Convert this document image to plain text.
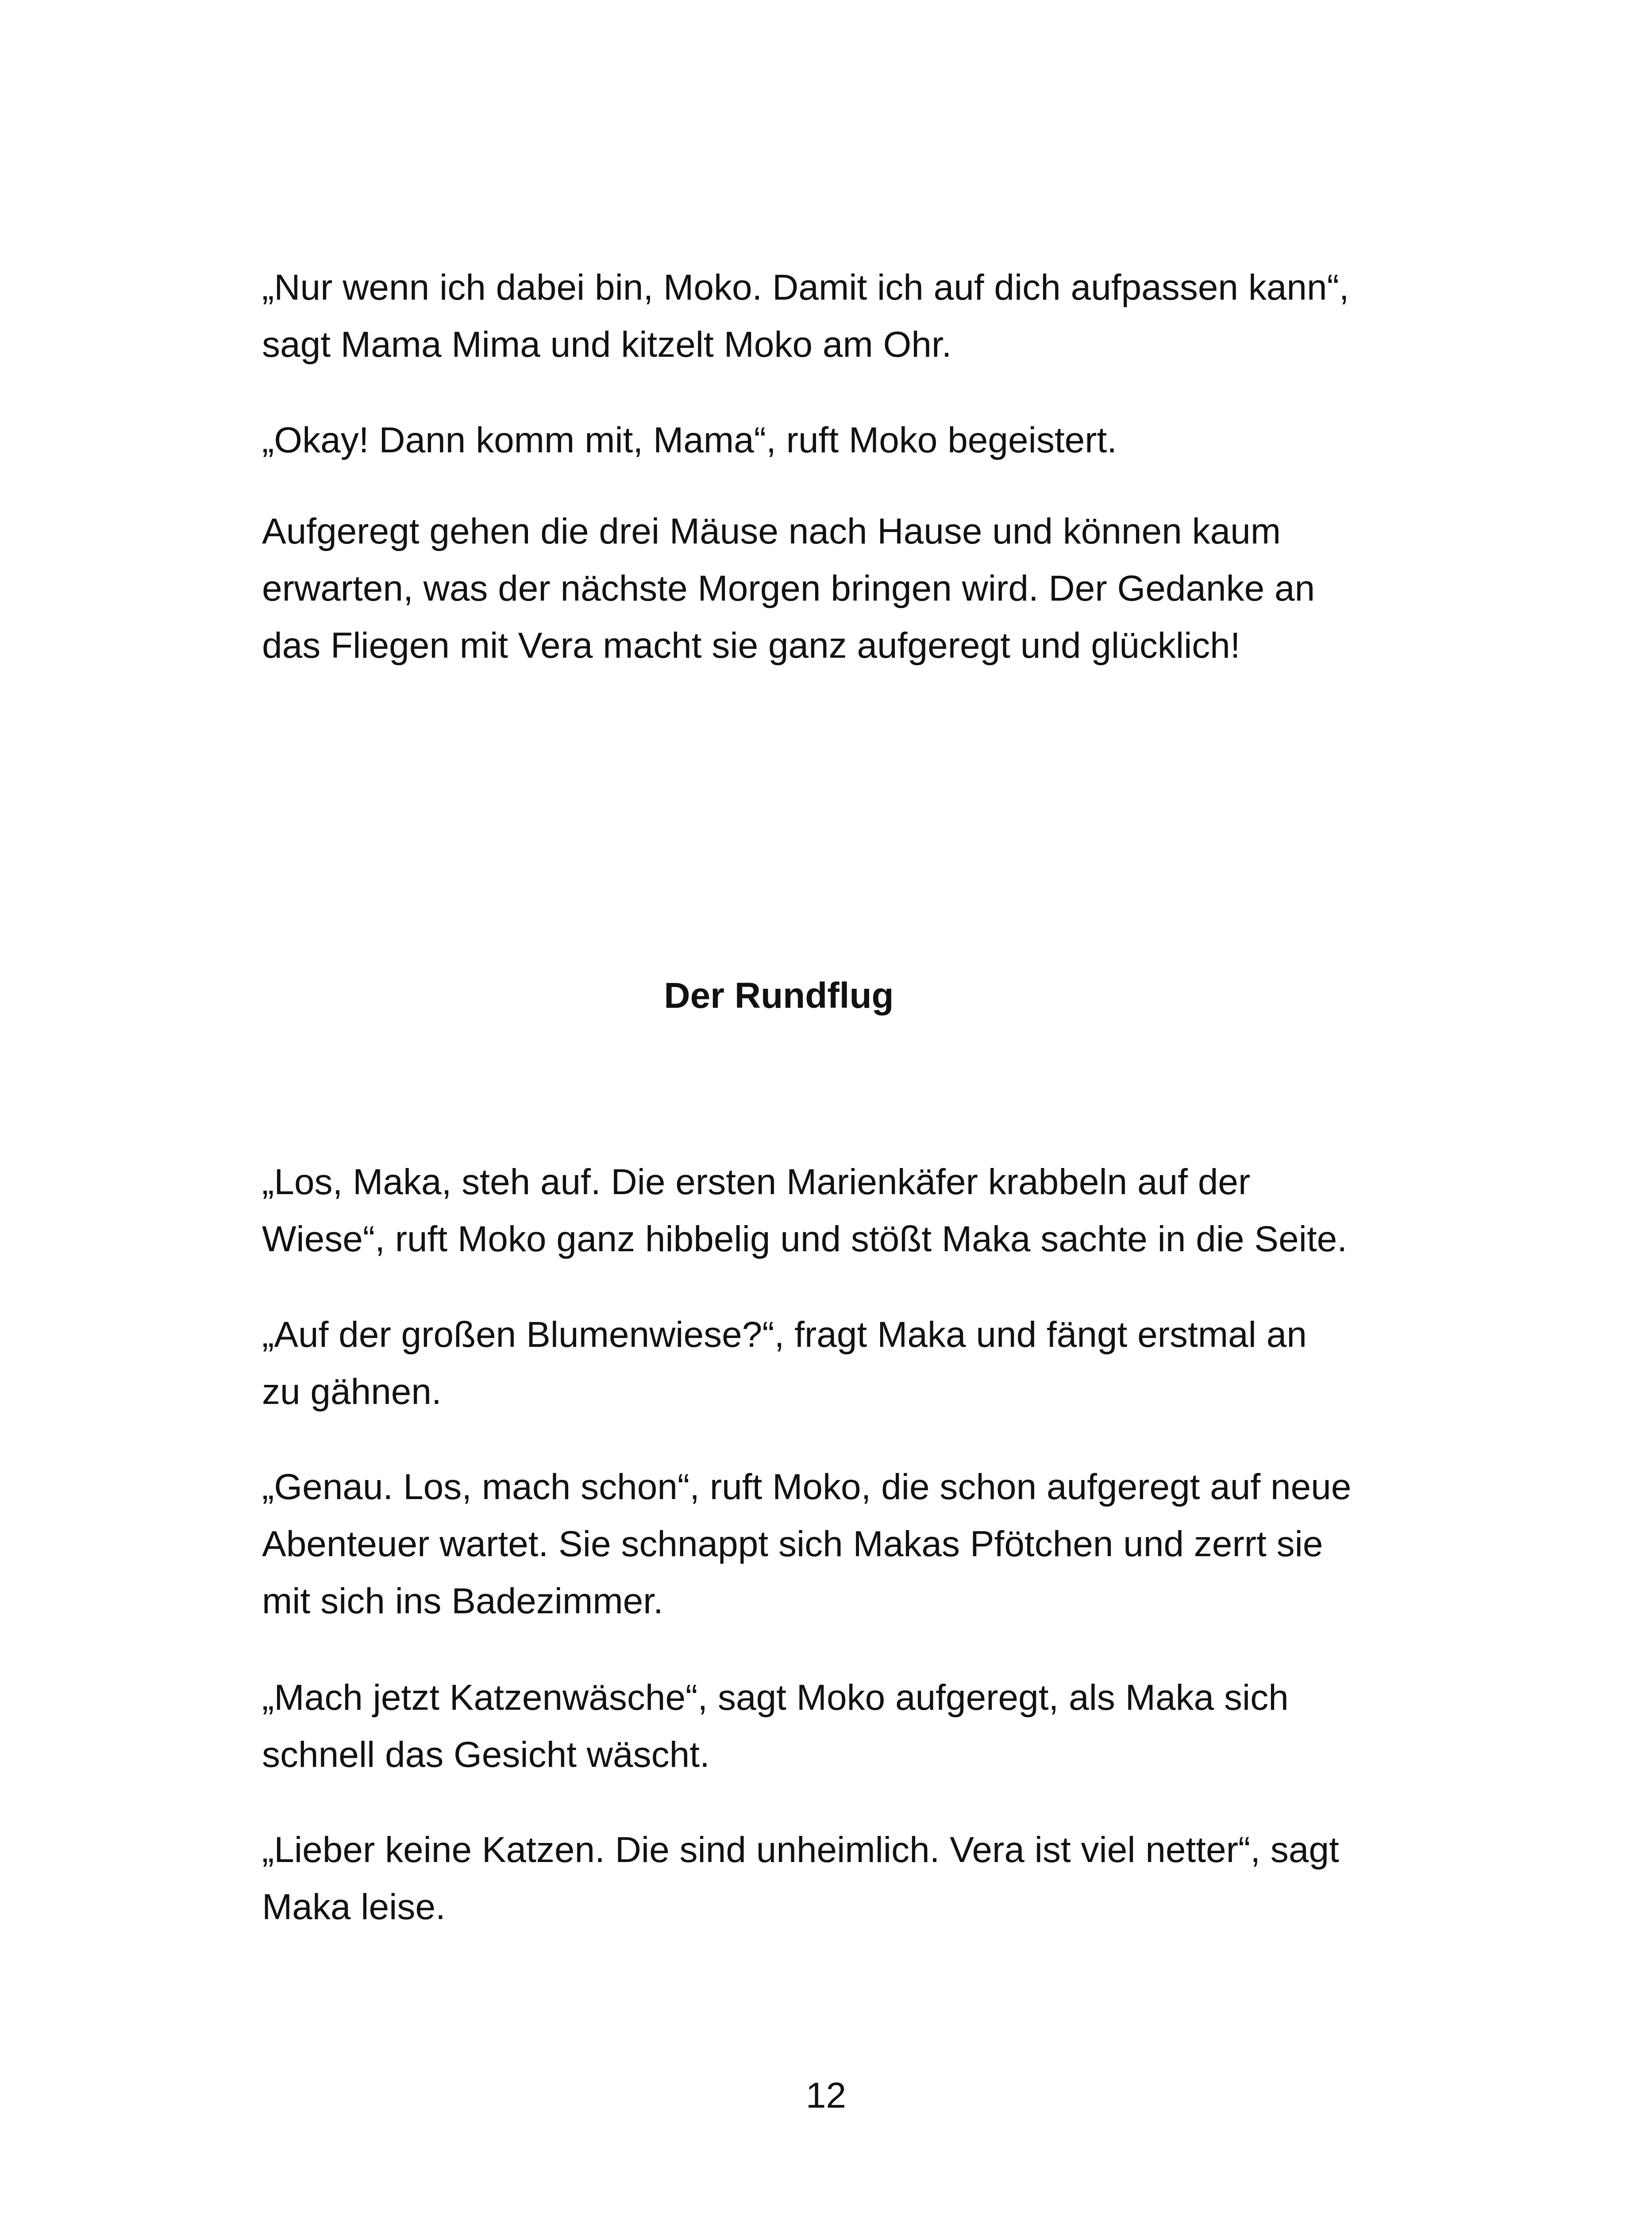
„Nur wenn ich dabei bin, Moko. Damit ich auf dich aufpassen kann“,
sagt Mama Mima und kitzelt Moko am Ohr.

„Okay! Dann komm mit, Mama“, ruft Moko begeistert.

Aufgeregt gehen die drei Mäuse nach Hause und können kaum
erwarten, was der nächste Morgen bringen wird. Der Gedanke an
das Fliegen mit Vera macht sie ganz aufgeregt und glücklich!

Der Rundflug

„Los, Maka, steh auf. Die ersten Marienkäfer krabbeln auf der
Wiese“, ruft Moko ganz hibbelig und stößt Maka sachte in die Seite.

„Auf der großen Blumenwiese?“, fragt Maka und fängt erstmal an
zu gähnen.

„Genau. Los, mach schon“, ruft Moko, die schon aufgeregt auf neue
Abenteuer wartet. Sie schnappt sich Makas Pfötchen und zerrt sie
mit sich ins Badezimmer.

„Mach jetzt Katzenwäsche“, sagt Moko aufgeregt, als Maka sich
schnell das Gesicht wäscht.

„Lieber keine Katzen. Die sind unheimlich. Vera ist viel netter“, sagt
Maka leise.

12
